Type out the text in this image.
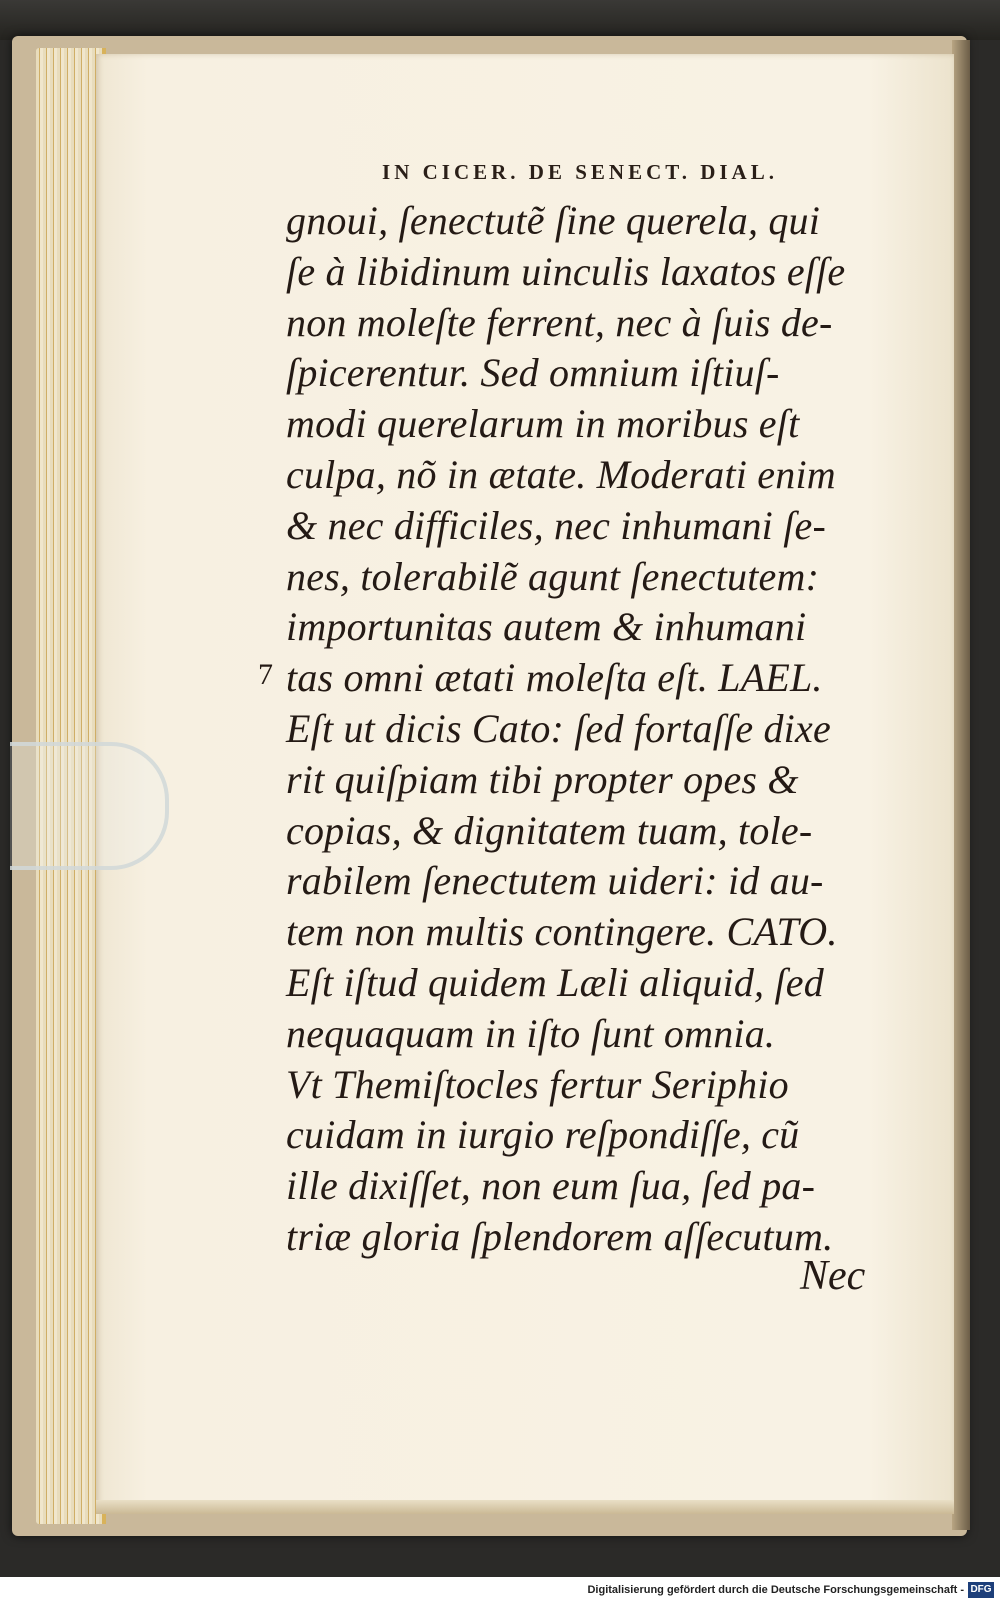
IN CICER. DE SENECT. DIAL.
7
gnoui, ſenectutẽ ſine querela, qui
ſe à libidinum uinculis laxatos eſſe
non moleſte ferrent, nec à ſuis de-
ſpicerentur. Sed omnium iſtiuſ-
modi querelarum in moribus eſt
culpa, nõ in ætate. Moderati enim
& nec difficiles, nec inhumani ſe-
nes, tolerabilẽ agunt ſenectutem:
importunitas autem & inhumani
tas omni ætati moleſta eſt. LAEL.
Eſt ut dicis Cato: ſed fortaſſe dixe
rit quiſpiam tibi propter opes &
copias, & dignitatem tuam, tole-
rabilem ſenectutem uideri: id au-
tem non multis contingere. CATO.
Eſt iſtud quidem Læli aliquid, ſed
nequaquam in iſto ſunt omnia.
Vt Themiſtocles fertur Seriphio
cuidam in iurgio reſpondiſſe, cũ
ille dixiſſet, non eum ſua, ſed pa-
triæ gloria ſplendorem aſſecutum.
Nec
Digitalisierung gefördert durch die Deutsche Forschungsgemeinschaft - DFG
